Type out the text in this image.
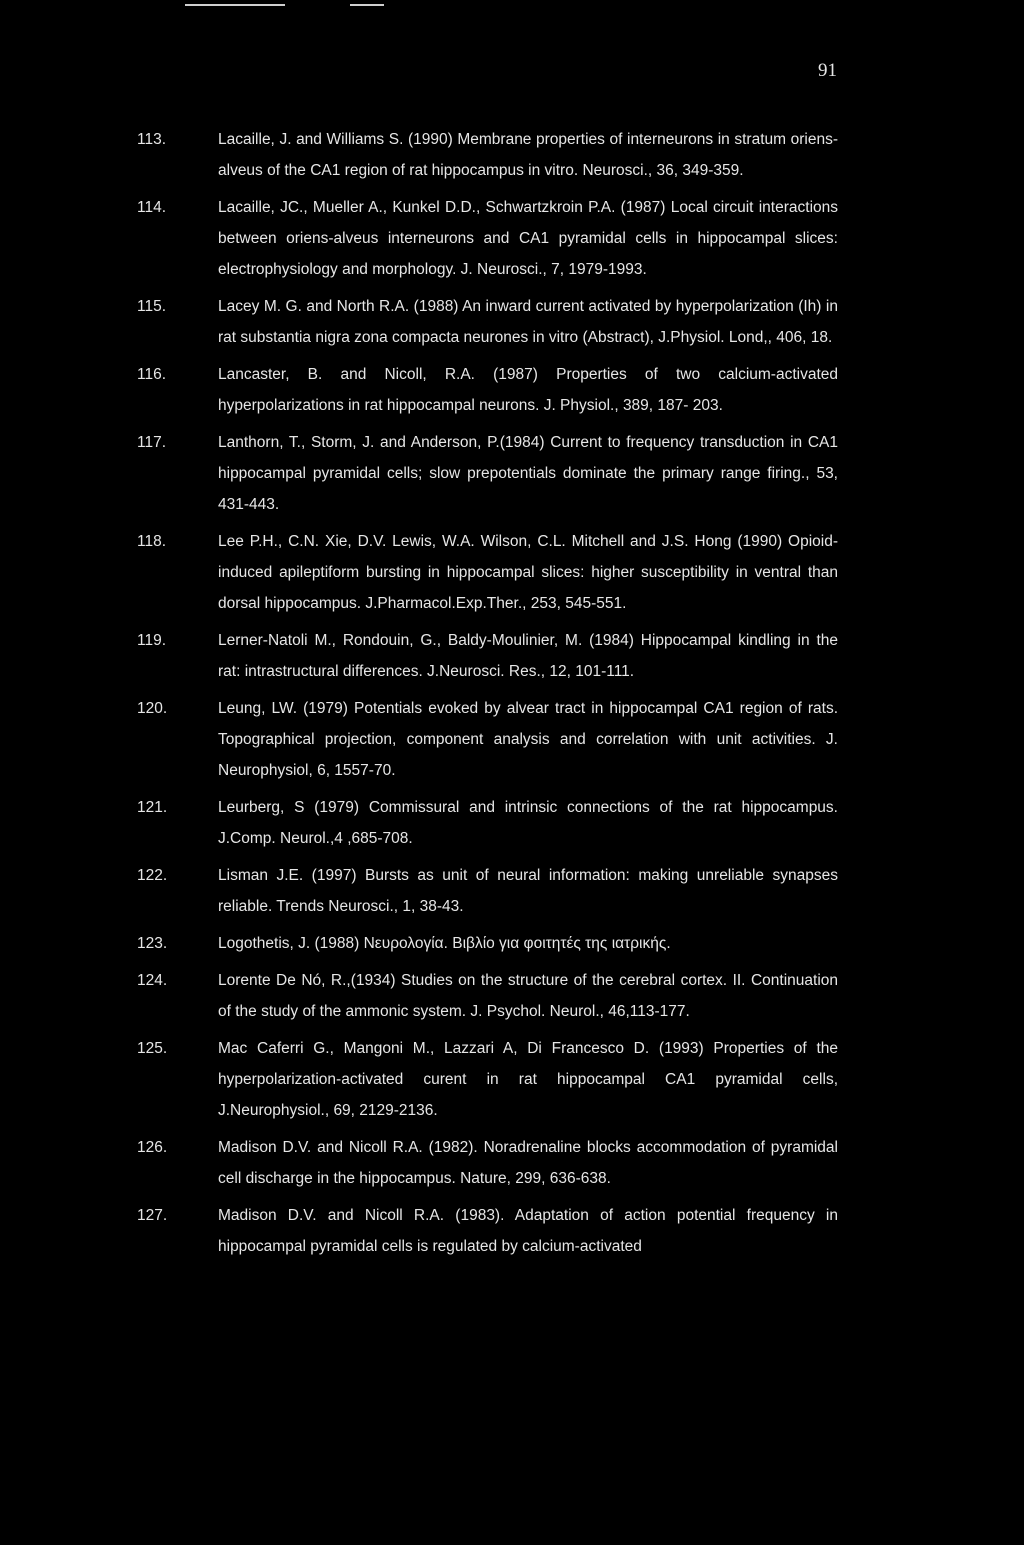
91
113.	Lacaille, J. and Williams S. (1990) Membrane properties of interneurons in stratum oriens-alveus of the CA1 region of rat hippocampus in vitro. Neurosci., 36, 349-359.
114.	Lacaille, JC., Mueller A., Kunkel D.D., Schwartzkroin P.A. (1987) Local circuit interactions between oriens-alveus interneurons and CA1 pyramidal cells in hippocampal slices: electrophysiology and morphology. J. Neurosci., 7, 1979-1993.
115.	Lacey M. G. and North R.A. (1988) An inward current activated by hyperpolarization (Ih) in rat substantia nigra zona compacta neurones in vitro (Abstract), J.Physiol. Lond,, 406, 18.
116.	Lancaster, B. and Nicoll, R.A. (1987) Properties of two calcium-activated hyperpolarizations in rat hippocampal neurons. J. Physiol., 389, 187- 203.
117.	Lanthorn, T., Storm, J. and Anderson, P.(1984) Current to frequency transduction in CA1 hippocampal pyramidal cells; slow prepotentials dominate the primary range firing., 53, 431-443.
118.	Lee P.H., C.N. Xie, D.V. Lewis, W.A. Wilson, C.L. Mitchell and J.S. Hong (1990) Opioid-induced apileptiform bursting in hippocampal slices: higher susceptibility in ventral than dorsal hippocampus. J.Pharmacol.Exp.Ther., 253, 545-551.
119.	Lerner-Natoli M., Rondouin, G., Baldy-Moulinier, M. (1984) Hippocampal kindling in the rat: intrastructural differences. J.Neurosci. Res., 12, 101-111.
120.	Leung, LW. (1979) Potentials evoked by alvear tract in hippocampal CA1 region of rats. Topographical projection, component analysis and correlation with unit activities. J. Neurophysiol, 6, 1557-70.
121.	Leurberg, S (1979) Commissural and intrinsic connections of the rat hippocampus. J.Comp. Neurol.,4 ,685-708.
122.	Lisman J.E. (1997) Bursts as unit of neural information: making unreliable synapses reliable. Trends Neurosci., 1, 38-43.
123.	Logothetis, J. (1988) Νευρολογία. Βιβλίο για φοιτητές της ιατρικής.
124.	Lorente De Nó, R.,(1934) Studies on the structure of the cerebral cortex. II. Continuation of the study of the ammonic system. J. Psychol. Neurol., 46,113-177.
125.	Mac Caferri G., Mangoni M., Lazzari A, Di Francesco D. (1993) Properties of the hyperpolarization-activated curent in rat hippocampal CA1 pyramidal cells, J.Neurophysiol., 69, 2129-2136.
126.	Madison D.V. and Nicoll R.A. (1982). Noradrenaline blocks accommodation of pyramidal cell discharge in the hippocampus. Nature, 299, 636-638.
127.	Madison D.V. and Nicoll R.A. (1983). Adaptation of action potential frequency in hippocampal pyramidal cells is regulated by calcium-activated
